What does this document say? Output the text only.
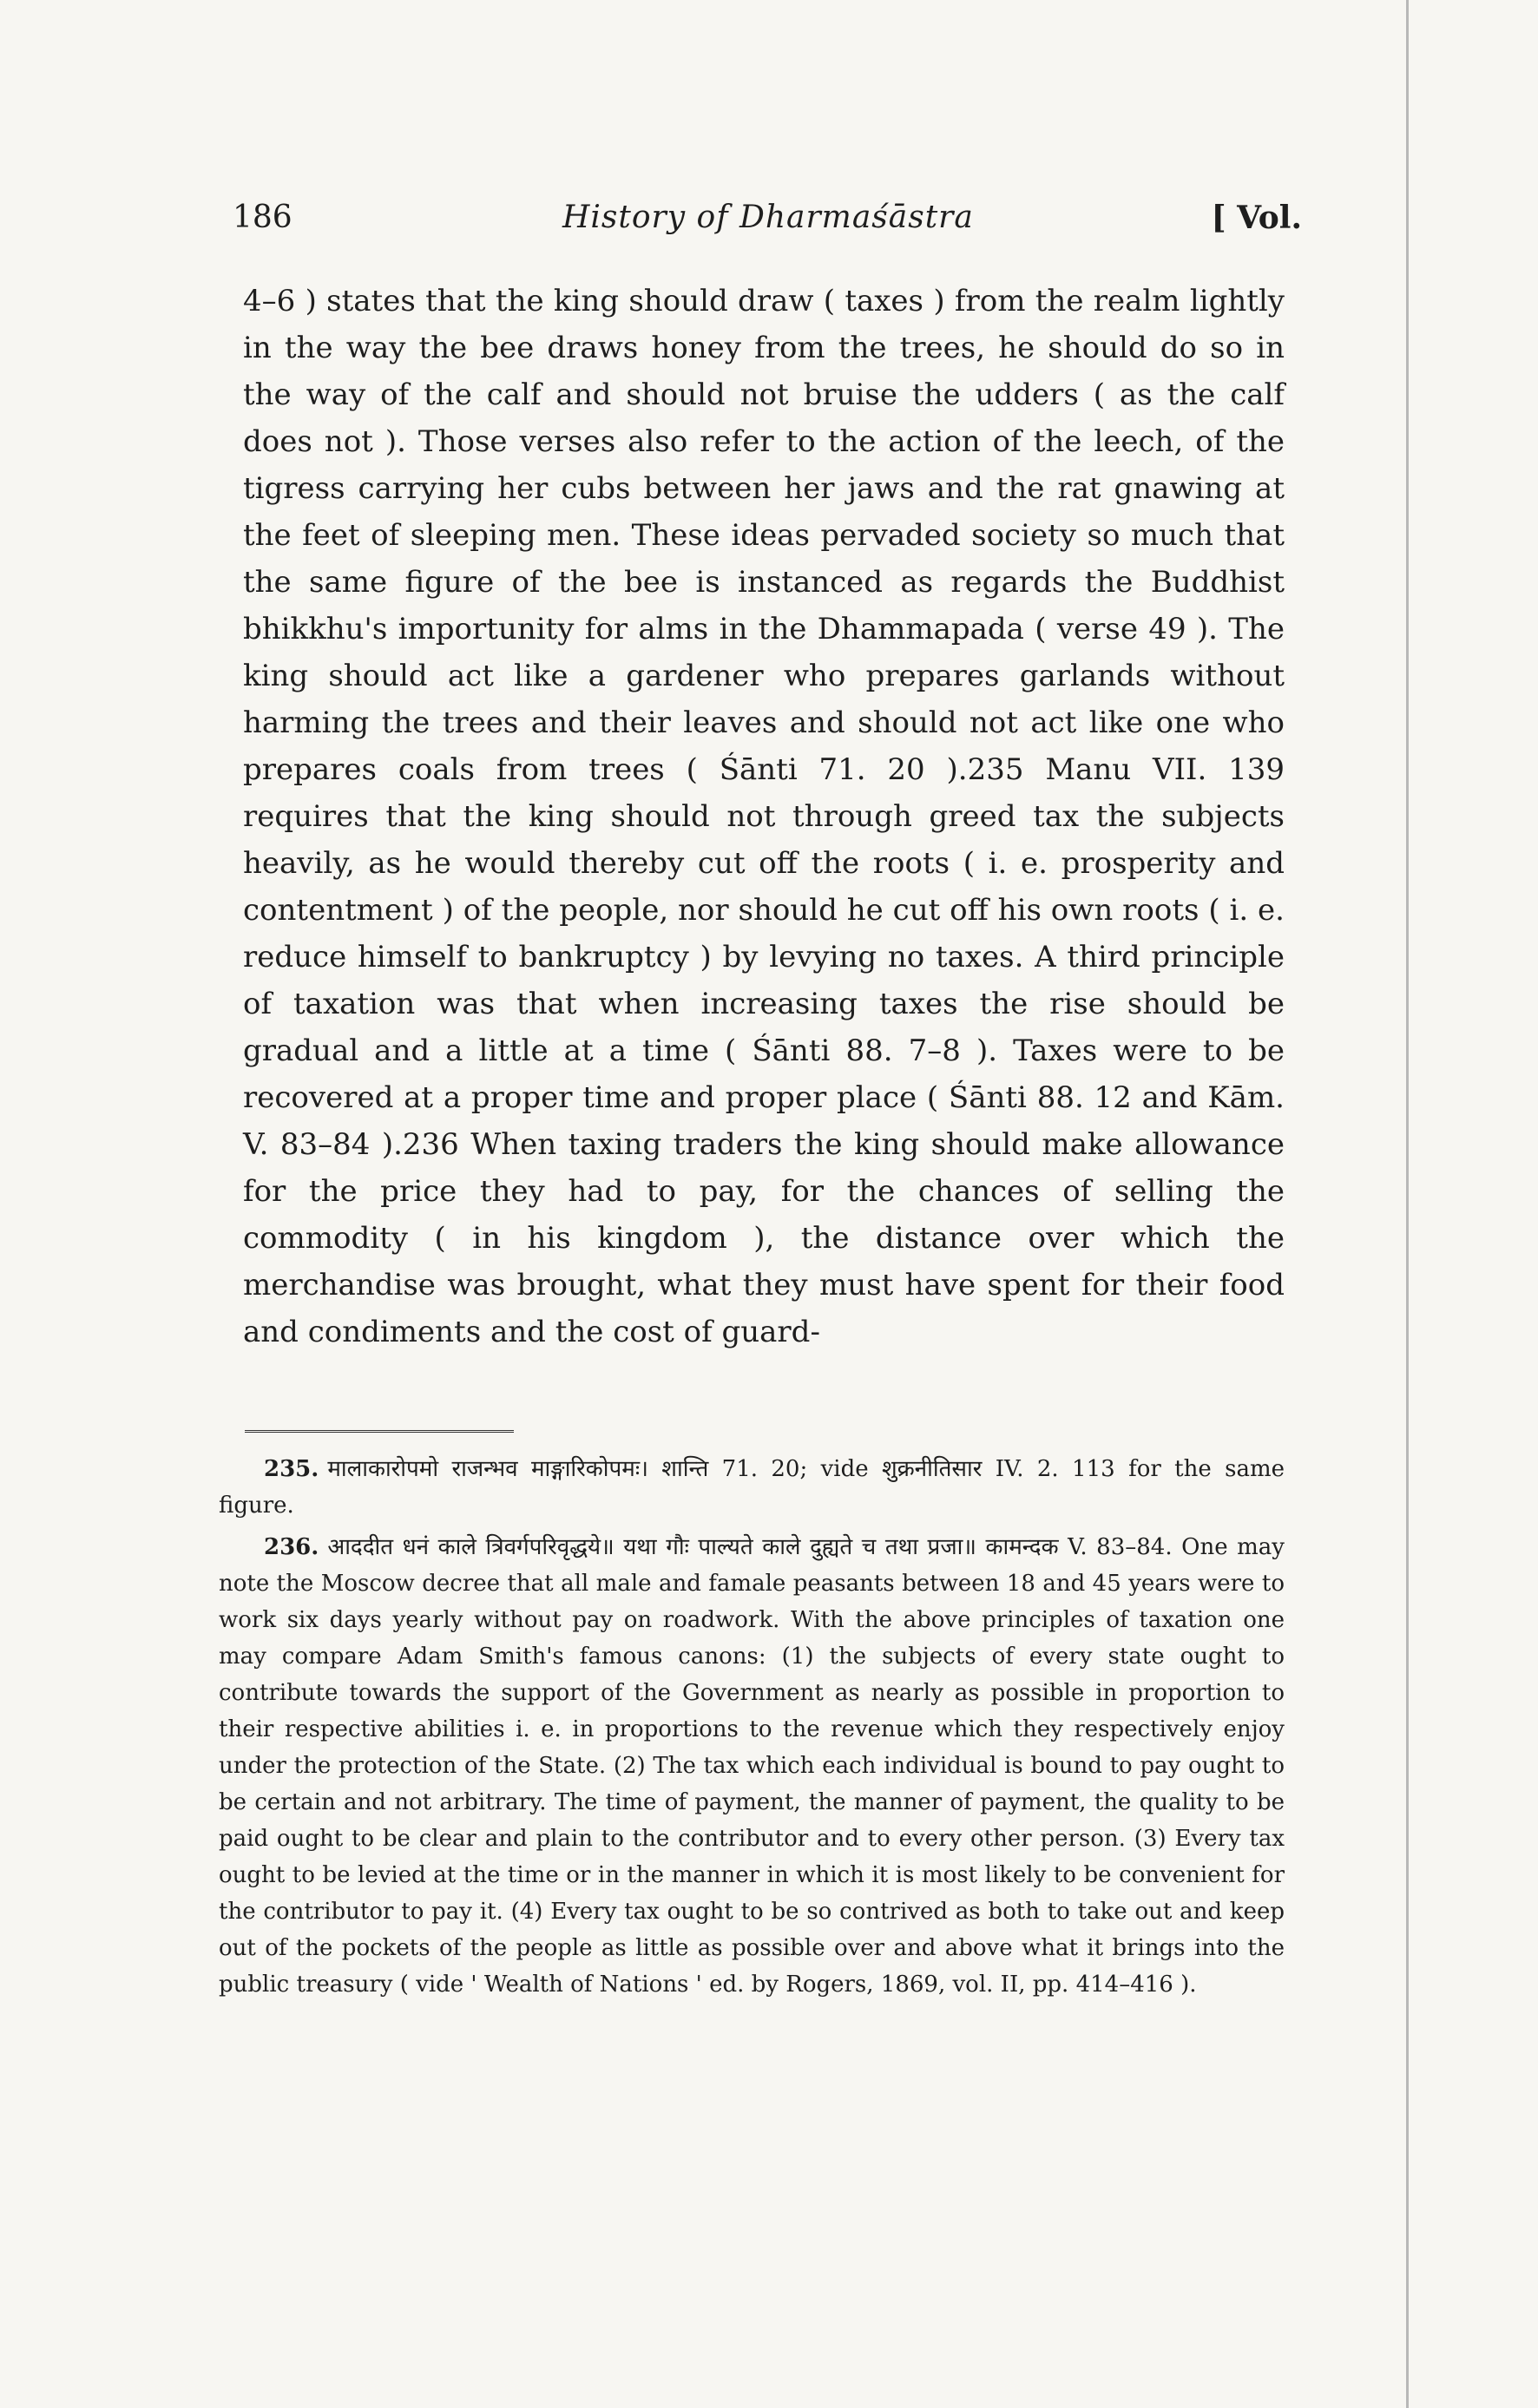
186	History of Dharmaśāstra	[ Vol.

4–6 ) states that the king should draw ( taxes ) from the realm lightly in the way the bee draws honey from the trees, he should do so in the way of the calf and should not bruise the udders ( as the calf does not ). Those verses also refer to the action of the leech, of the tigress carrying her cubs between her jaws and the rat gnawing at the feet of sleeping men. These ideas pervaded society so much that the same figure of the bee is instanced as regards the Buddhist bhikkhu's importunity for alms in the Dhammapada ( verse 49 ). The king should act like a gardener who prepares garlands without harming the trees and their leaves and should not act like one who prepares coals from trees ( Śānti 71. 20 ).235 Manu VII. 139 requires that the king should not through greed tax the subjects heavily, as he would thereby cut off the roots ( i. e. prosperity and contentment ) of the people, nor should he cut off his own roots ( i. e. reduce himself to bankruptcy ) by levying no taxes. A third principle of taxation was that when increasing taxes the rise should be gradual and a little at a time ( Śānti 88. 7–8 ). Taxes were to be recovered at a proper time and proper place ( Śānti 88. 12 and Kām. V. 83–84 ).236 When taxing traders the king should make allowance for the price they had to pay, for the chances of selling the commodity ( in his kingdom ), the distance over which the merchandise was brought, what they must have spent for their food and condiments and the cost of guard-

235. मालाकारोपमो राजन्भव माङ्गारिकोपमः। शान्ति 71. 20; vide शुक्रनीतिसार IV. 2. 113 for the same figure.

236. आददीत धनं काले त्रिवर्गपरिवृद्धये॥ यथा गौः पाल्यते काले दुह्यते च तथा प्रजा॥ कामन्दक V. 83–84. One may note the Moscow decree that all male and famale peasants between 18 and 45 years were to work six days yearly without pay on roadwork. With the above principles of taxation one may compare Adam Smith's famous canons: (1) the subjects of every state ought to contribute towards the support of the Government as nearly as possible in proportion to their respective abilities i. e. in proportions to the revenue which they respectively enjoy under the protection of the State. (2) The tax which each individual is bound to pay ought to be certain and not arbitrary. The time of payment, the manner of payment, the quality to be paid ought to be clear and plain to the contributor and to every other person. (3) Every tax ought to be levied at the time or in the manner in which it is most likely to be convenient for the contributor to pay it. (4) Every tax ought to be so contrived as both to take out and keep out of the pockets of the people as little as possible over and above what it brings into the public treasury ( vide ' Wealth of Nations ' ed. by Rogers, 1869, vol. II, pp. 414–416 ).
